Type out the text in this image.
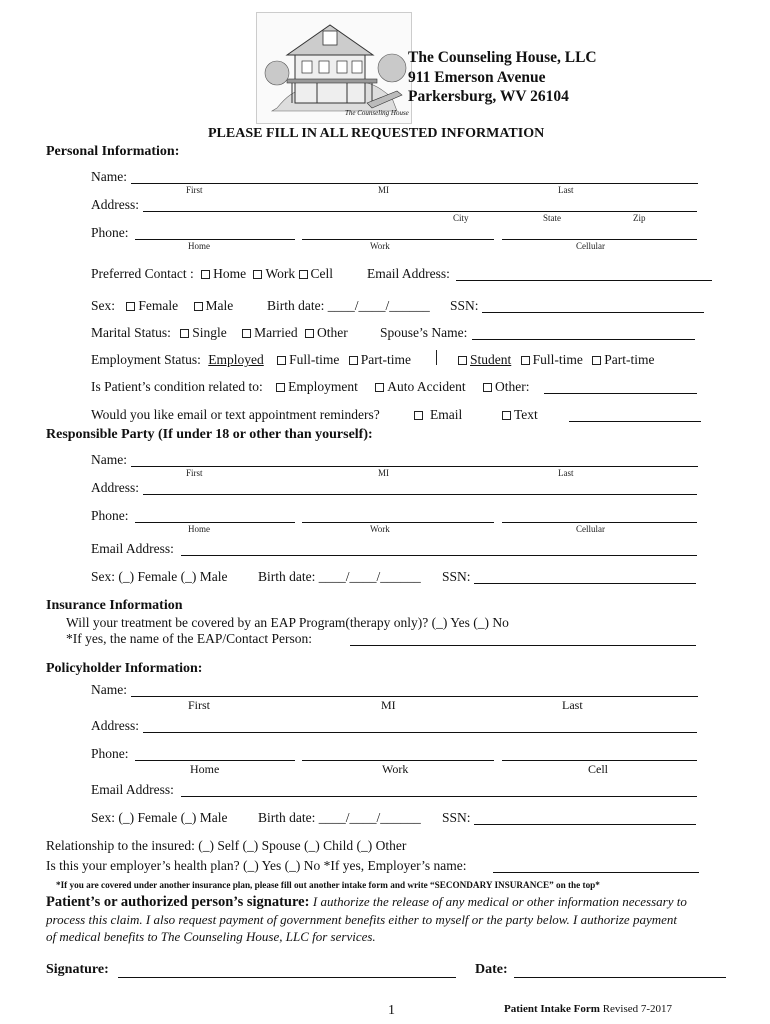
The Counseling House
The Counseling House, LLC
911 Emerson Avenue
Parkersburg, WV 26104
PLEASE FILL IN ALL REQUESTED INFORMATION
Personal Information:
Name:
First	MI	Last
Address:
City	State	Zip
Phone:
Home	Work	Cellular
Preferred Contact : Home Work Cell	Email Address:
Sex: Female Male Birth date: ____/____/______ SSN:
Marital Status: Single Married Other Spouse’s Name:
Employment Status: Employed Full-time Part-time	Student Full-time Part-time
Is Patient’s condition related to: Employment Auto Accident Other:
Would you like email or text appointment reminders?	Email	Text
Responsible Party (If under 18 or other than yourself):
Name:
First	MI	Last
Address:
Phone:
Home	Work	Cellular
Email Address:
Sex: (_) Female (_) Male Birth date: ____/____/______ SSN:
Insurance Information
Will your treatment be covered by an EAP Program(therapy only)? (_) Yes (_) No
*If yes, the name of the EAP/Contact Person:
Policyholder Information:
Name:
First	MI	Last
Address:
Phone:
Home	Work	Cell
Email Address:
Sex: (_) Female (_) Male Birth date: ____/____/______ SSN:
Relationship to the insured: (_) Self (_) Spouse (_) Child (_) Other
Is this your employer’s health plan? (_) Yes (_) No *If yes, Employer’s name:
*If you are covered under another insurance plan, please fill out another intake form and write “SECONDARY INSURANCE” on the top*
Patient’s or authorized person’s signature: I authorize the release of any medical or other information necessary to
process this claim. I also request payment of government benefits either to myself or the party below. I authorize payment
of medical benefits to The Counseling House, LLC for services.
Signature:	Date:
1	Patient Intake Form Revised 7-2017
